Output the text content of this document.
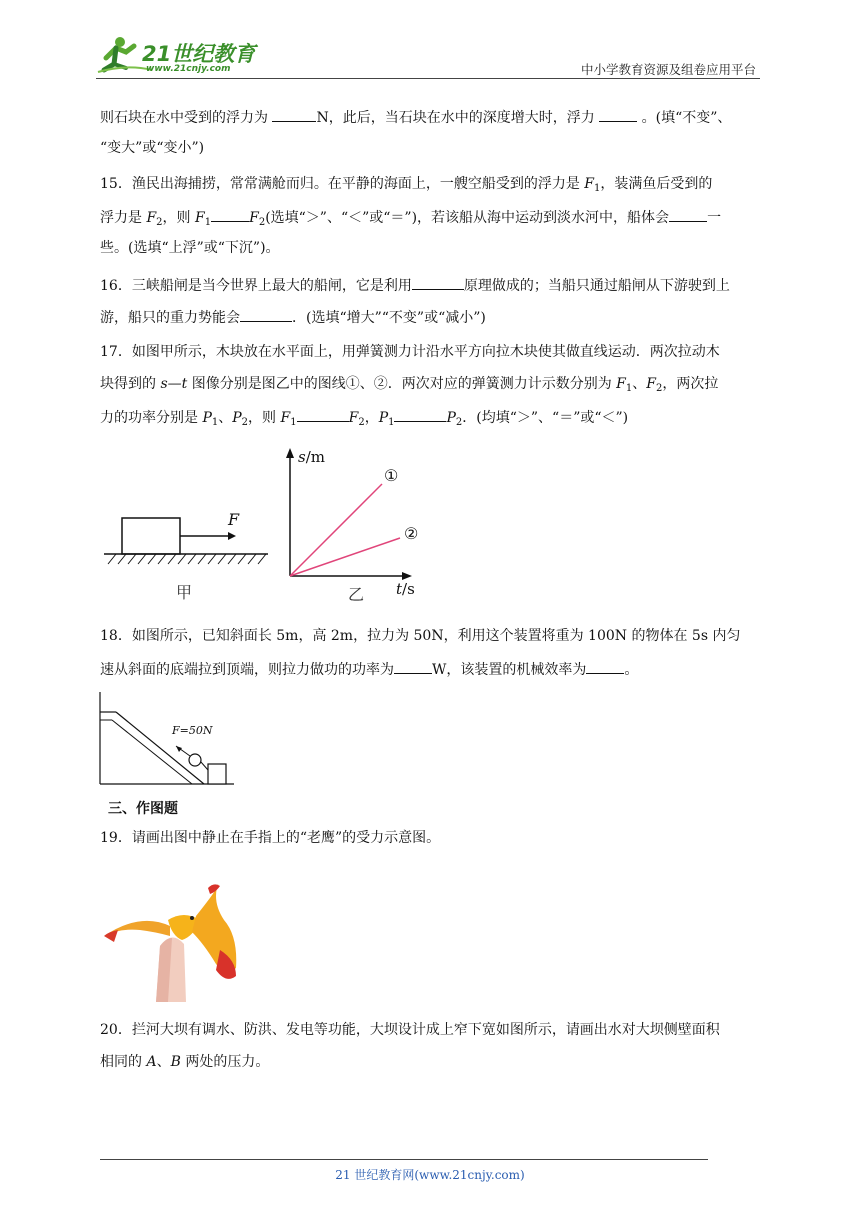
21世纪教育
www.21cnjy.com	中小学教育资源及组卷应用平台
则石块在水中受到的浮力为	N，此后，当石块在水中的深度增大时，浮力	。(填“不变”、
“变大”或“变小”)
15．渔民出海捕捞，常常满舱而归。在平静的海面上，一艘空船受到的浮力是 $F_1$，装满鱼后受到的
浮力是 $F_2$，则 $F_1$	$F_2$(选填“＞”、“＜”或“＝”)，若该船从海中运动到淡水河中，船体会	一
些。(选填“上浮”或“下沉”)。
16．三峡船闸是当今世界上最大的船闸，它是利用	原理做成的；当船只通过船闸从下游驶到上
游，船只的重力势能会	．(选填“增大”“不变”或“减小”)
17．如图甲所示，木块放在水平面上，用弹簧测力计沿水平方向拉木块使其做直线运动．两次拉动木
块得到的 s—t 图像分别是图乙中的图线①、②．两次对应的弹簧测力计示数分别为 $F_1$、$F_2$，两次拉
力的功率分别是 $P_1$、$P_2$，则 $F_1$	$F_2$，$P_1$	$P_2$．(均填“＞”、“＝”或“＜”)
F
甲
s/m
t/s
乙
①
②
18．如图所示，已知斜面长 5m，高 2m，拉力为 50N，利用这个装置将重为 100N 的物体在 5s 内匀
速从斜面的底端拉到顶端，则拉力做功的功率为	W，该装置的机械效率为	。
F=50N
三、作图题
19．请画出图中静止在手指上的“老鹰”的受力示意图。
20．拦河大坝有调水、防洪、发电等功能，大坝设计成上窄下宽如图所示，请画出水对大坝侧壁面积
相同的 A、B 两处的压力。
21 世纪教育网(www.21cnjy.com)
